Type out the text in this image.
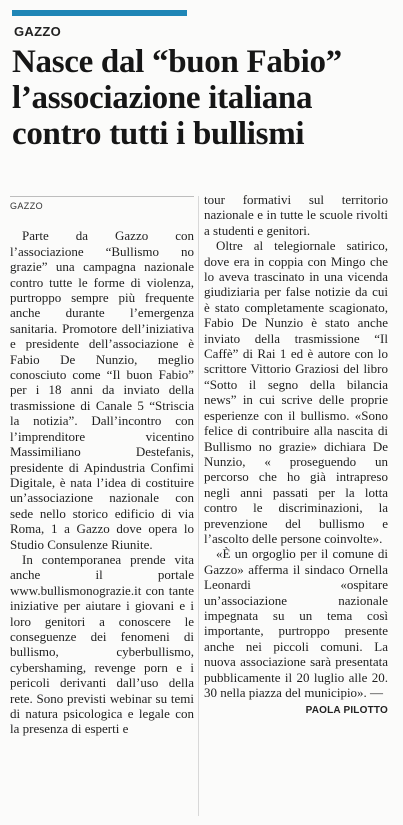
GAZZO
Nasce dal “buon Fabio”
l’associazione italiana
contro tutti i bullismi
GAZZO

Parte da Gazzo con l’associazione “Bullismo no grazie” una campagna nazionale contro tutte le forme di violenza, purtroppo sempre più frequente anche durante l’emergenza sanitaria. Promotore dell’iniziativa e presidente dell’associazione è Fabio De Nunzio, meglio conosciuto come “Il buon Fabio” per i 18 anni da inviato della trasmissione di Canale 5 “Striscia la notizia”. Dall’incontro con l’imprenditore vicentino Massimiliano Destefanis, presidente di Apindustria Confimi Digitale, è nata l’idea di costituire un’associazione nazionale con sede nello storico edificio di via Roma, 1 a Gazzo dove opera lo Studio Consulenze Riunite.

In contemporanea prende vita anche il portale www.bullismonograzie.it con tante iniziative per aiutare i giovani e i loro genitori a conoscere le conseguenze dei fenomeni di bullismo, cyberbullismo, cybershaming, revenge porn e i pericoli derivanti dall’uso della rete. Sono previsti webinar su temi di natura psicologica e legale con la presenza di esperti e

tour formativi sul territorio nazionale e in tutte le scuole rivolti a studenti e genitori.

Oltre al telegiornale satirico, dove era in coppia con Mingo che lo aveva trascinato in una vicenda giudiziaria per false notizie da cui è stato completamente scagionato, Fabio De Nunzio è stato anche inviato della trasmissione “Il Caffè” di Rai 1 ed è autore con lo scrittore Vittorio Graziosi del libro “Sotto il segno della bilancia news” in cui scrive delle proprie esperienze con il bullismo. «Sono felice di contribuire alla nascita di Bullismo no grazie» dichiara De Nunzio, « proseguendo un percorso che ho già intrapreso negli anni passati per la lotta contro le discriminazioni, la prevenzione del bullismo e l’ascolto delle persone coinvolte».

«È un orgoglio per il comune di Gazzo» afferma il sindaco Ornella Leonardi «ospitare un’associazione nazionale impegnata su un tema così importante, purtroppo presente anche nei piccoli comuni. La nuova associazione sarà presentata pubblicamente il 20 luglio alle 20. 30 nella piazza del municipio». —

PAOLA PILOTTO
